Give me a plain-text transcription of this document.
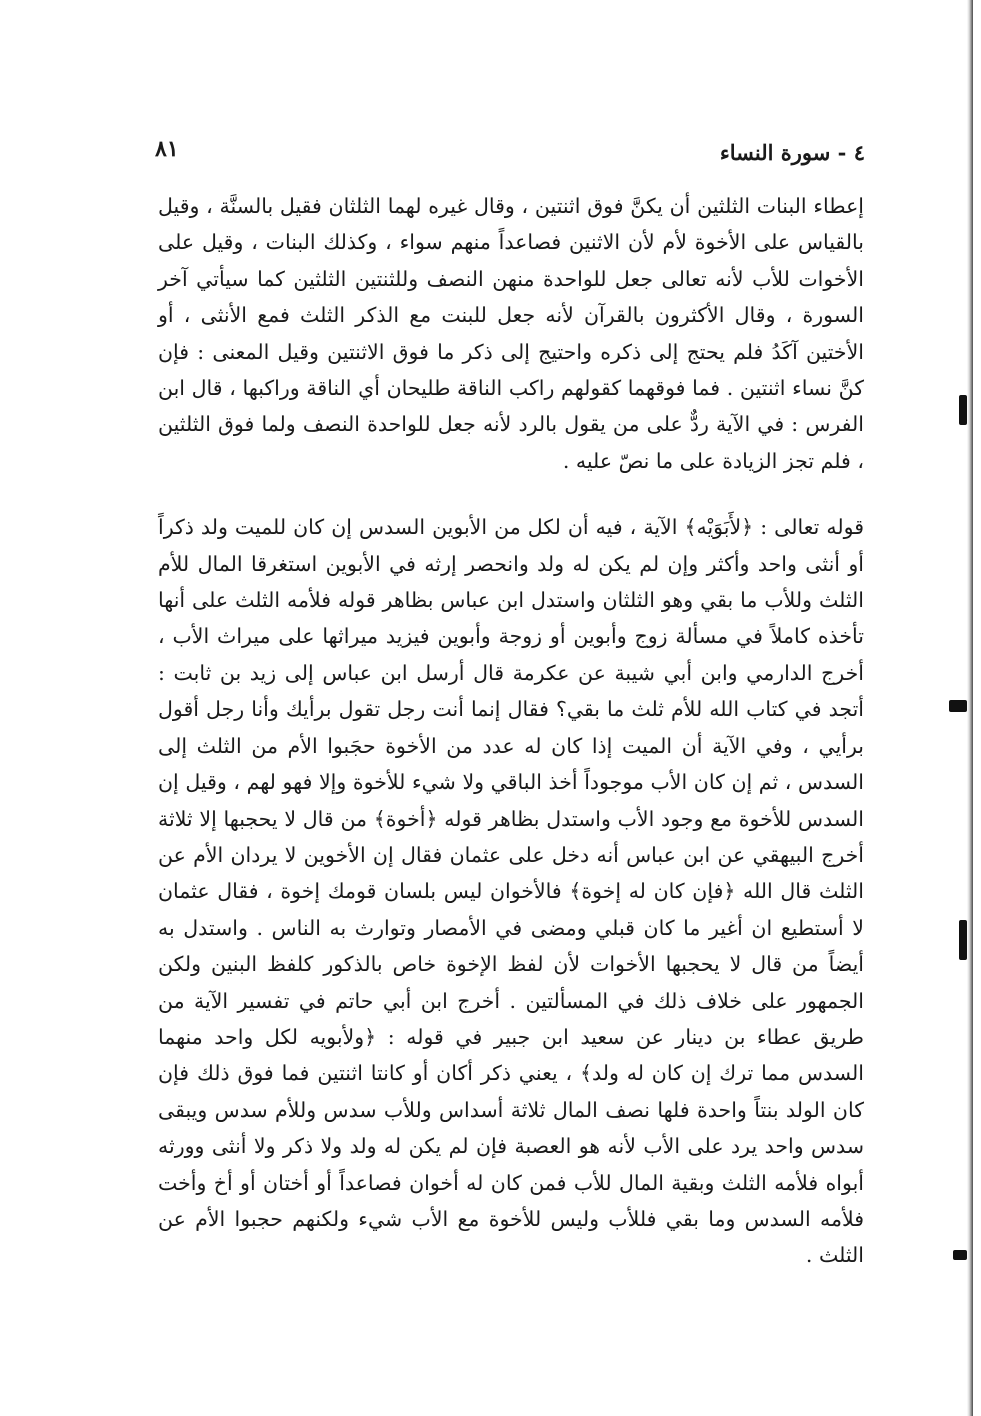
٤ - سورة النساء
٨١

إعطاء البنات الثلثين أن يكنَّ فوق اثنتين ، وقال غيره لهما الثلثان فقيل بالسنَّة ، وقيل بالقياس على الأخوة لأم لأن الاثنين فصاعداً منهم سواء ، وكذلك البنات ، وقيل على الأخوات للأب لأنه تعالى جعل للواحدة منهن النصف وللثنتين الثلثين كما سيأتي آخر السورة ، وقال الأكثرون بالقرآن لأنه جعل للبنت مع الذكر الثلث فمع الأنثى ، أو الأختين آكَدُ فلم يحتج إلى ذكره واحتيج إلى ذكر ما فوق الاثنتين وقيل المعنى : فإن كنَّ نساء اثنتين . فما فوقهما كقولهم راكب الناقة طليحان أي الناقة وراكبها ، قال ابن الفرس : في الآية ردٌّ على من يقول بالرد لأنه جعل للواحدة النصف ولما فوق الثلثين ، فلم تجز الزيادة على ما نصّ عليه .

قوله تعالى : ﴿لأَبَوَيْه﴾ الآية ، فيه أن لكل من الأبوين السدس إن كان للميت ولد ذكراً أو أنثى واحد وأكثر وإن لم يكن له ولد وانحصر إرثه في الأبوين استغرقا المال للأم الثلث وللأب ما بقي وهو الثلثان واستدل ابن عباس بظاهر قوله فلأمه الثلث على أنها تأخذه كاملاً في مسألة زوج وأبوين أو زوجة وأبوين فيزيد ميراثها على ميراث الأب ، أخرج الدارمي وابن أبي شيبة عن عكرمة قال أرسل ابن عباس إلى زيد بن ثابت : أتجد في كتاب الله للأم ثلث ما بقي؟ فقال إنما أنت رجل تقول برأيك وأنا رجل أقول برأيي ، وفي الآية أن الميت إذا كان له عدد من الأخوة حجَبوا الأم من الثلث إلى السدس ، ثم إن كان الأب موجوداً أخذ الباقي ولا شيء للأخوة وإلا فهو لهم ، وقيل إن السدس للأخوة مع وجود الأب واستدل بظاهر قوله ﴿أخوة﴾ من قال لا يحجبها إلا ثلاثة أخرج البيهقي عن ابن عباس أنه دخل على عثمان فقال إن الأخوين لا يردان الأم عن الثلث قال الله ﴿فإن كان له إخوة﴾ فالأخوان ليس بلسان قومك إخوة ، فقال عثمان لا أستطيع ان أغير ما كان قبلي ومضى في الأمصار وتوارث به الناس . واستدل به أيضاً من قال لا يحجبها الأخوات لأن لفظ الإخوة خاص بالذكور كلفظ البنين ولكن الجمهور على خلاف ذلك في المسألتين . أخرج ابن أبي حاتم في تفسير الآية من طريق عطاء بن دينار عن سعيد ابن جبير في قوله : ﴿ولأبويه لكل واحد منهما السدس مما ترك إن كان له ولد﴾ ، يعني ذكر أكان أو كانتا اثنتين فما فوق ذلك فإن كان الولد بنتاً واحدة فلها نصف المال ثلاثة أسداس وللأب سدس وللأم سدس ويبقى سدس واحد يرد على الأب لأنه هو العصبة فإن لم يكن له ولد ولا ذكر ولا أنثى وورثه أبواه فلأمه الثلث وبقية المال للأب فمن كان له أخوان فصاعداً أو أختان أو أخ وأخت فلأمه السدس وما بقي فللأب وليس للأخوة مع الأب شيء ولكنهم حجبوا الأم عن الثلث .
